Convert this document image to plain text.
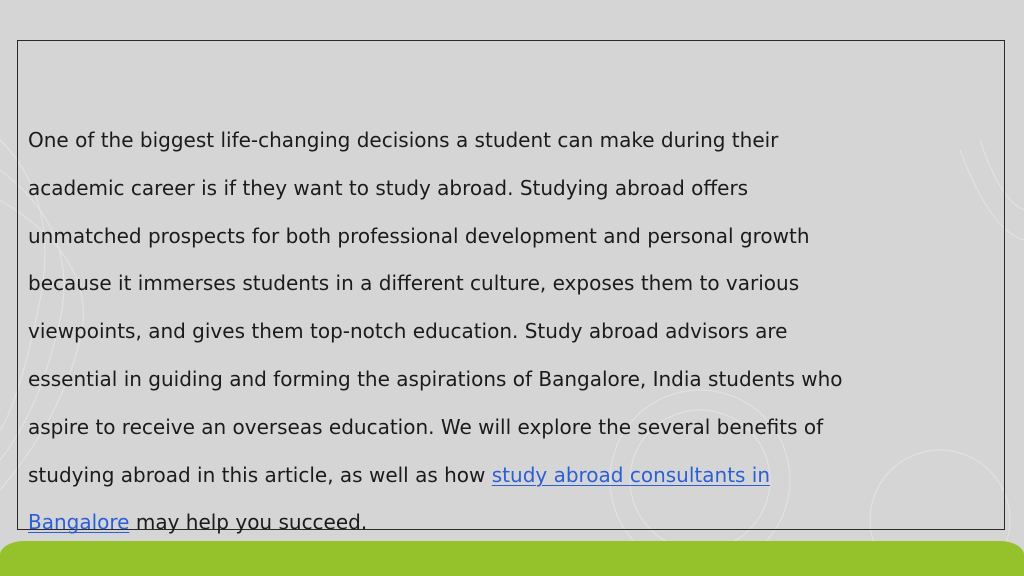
One of the biggest life-changing decisions a student can make during their
academic career is if they want to study abroad. Studying abroad offers
unmatched prospects for both professional development and personal growth
because it immerses students in a different culture, exposes them to various
viewpoints, and gives them top-notch education. Study abroad advisors are
essential in guiding and forming the aspirations of Bangalore, India students who
aspire to receive an overseas education. We will explore the several benefits of
studying abroad in this article, as well as how study abroad consultants in
Bangalore may help you succeed.
